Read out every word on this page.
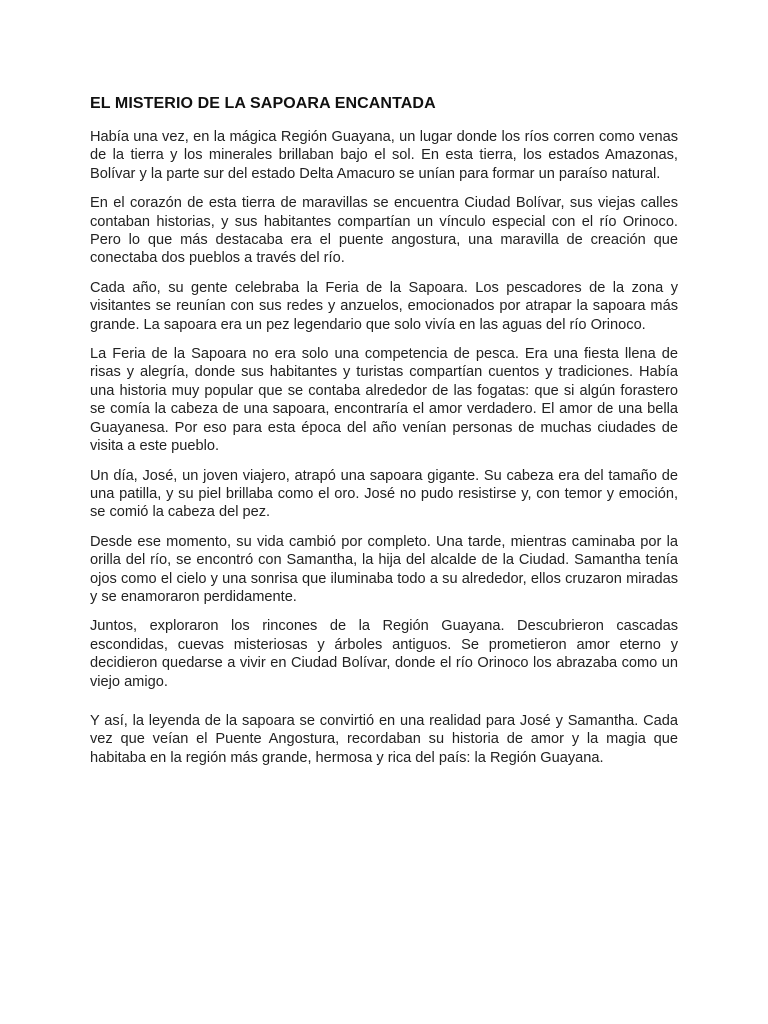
EL MISTERIO DE LA SAPOARA ENCANTADA

Había una vez, en la mágica Región Guayana, un lugar donde los ríos corren como venas de la tierra y los minerales brillaban bajo el sol. En esta tierra, los estados Amazonas, Bolívar y la parte sur del estado Delta Amacuro se unían para formar un paraíso natural.

En el corazón de esta tierra de maravillas se encuentra Ciudad Bolívar, sus viejas calles contaban historias, y sus habitantes compartían un vínculo especial con el río Orinoco. Pero lo que más destacaba era el puente angostura, una maravilla de creación que conectaba dos pueblos a través del río.

Cada año, su gente celebraba la Feria de la Sapoara. Los pescadores de la zona y visitantes se reunían con sus redes y anzuelos, emocionados por atrapar la sapoara más grande. La sapoara era un pez legendario que solo vivía en las aguas del río Orinoco.

La Feria de la Sapoara no era solo una competencia de pesca. Era una fiesta llena de risas y alegría, donde sus habitantes y turistas compartían cuentos y tradiciones. Había una historia muy popular que se contaba alrededor de las fogatas: que si algún forastero se comía la cabeza de una sapoara, encontraría el amor verdadero. El amor de una bella Guayanesa. Por eso para esta época del año venían personas de muchas ciudades de visita a este pueblo.

Un día, José, un joven viajero, atrapó una sapoara gigante. Su cabeza era del tamaño de una patilla, y su piel brillaba como el oro. José no pudo resistirse y, con temor y emoción, se comió la cabeza del pez.

Desde ese momento, su vida cambió por completo. Una tarde, mientras caminaba por la orilla del río, se encontró con Samantha, la hija del alcalde de la Ciudad. Samantha tenía ojos como el cielo y una sonrisa que iluminaba todo a su alrededor, ellos cruzaron miradas y se enamoraron perdidamente.

Juntos, exploraron los rincones de la Región Guayana. Descubrieron cascadas escondidas, cuevas misteriosas y árboles antiguos. Se prometieron amor eterno y decidieron quedarse a vivir en Ciudad Bolívar, donde el río Orinoco los abrazaba como un viejo amigo.

Y así, la leyenda de la sapoara se convirtió en una realidad para José y Samantha. Cada vez que veían el Puente Angostura, recordaban su historia de amor y la magia que habitaba en la región más grande, hermosa y rica del país: la Región Guayana.
